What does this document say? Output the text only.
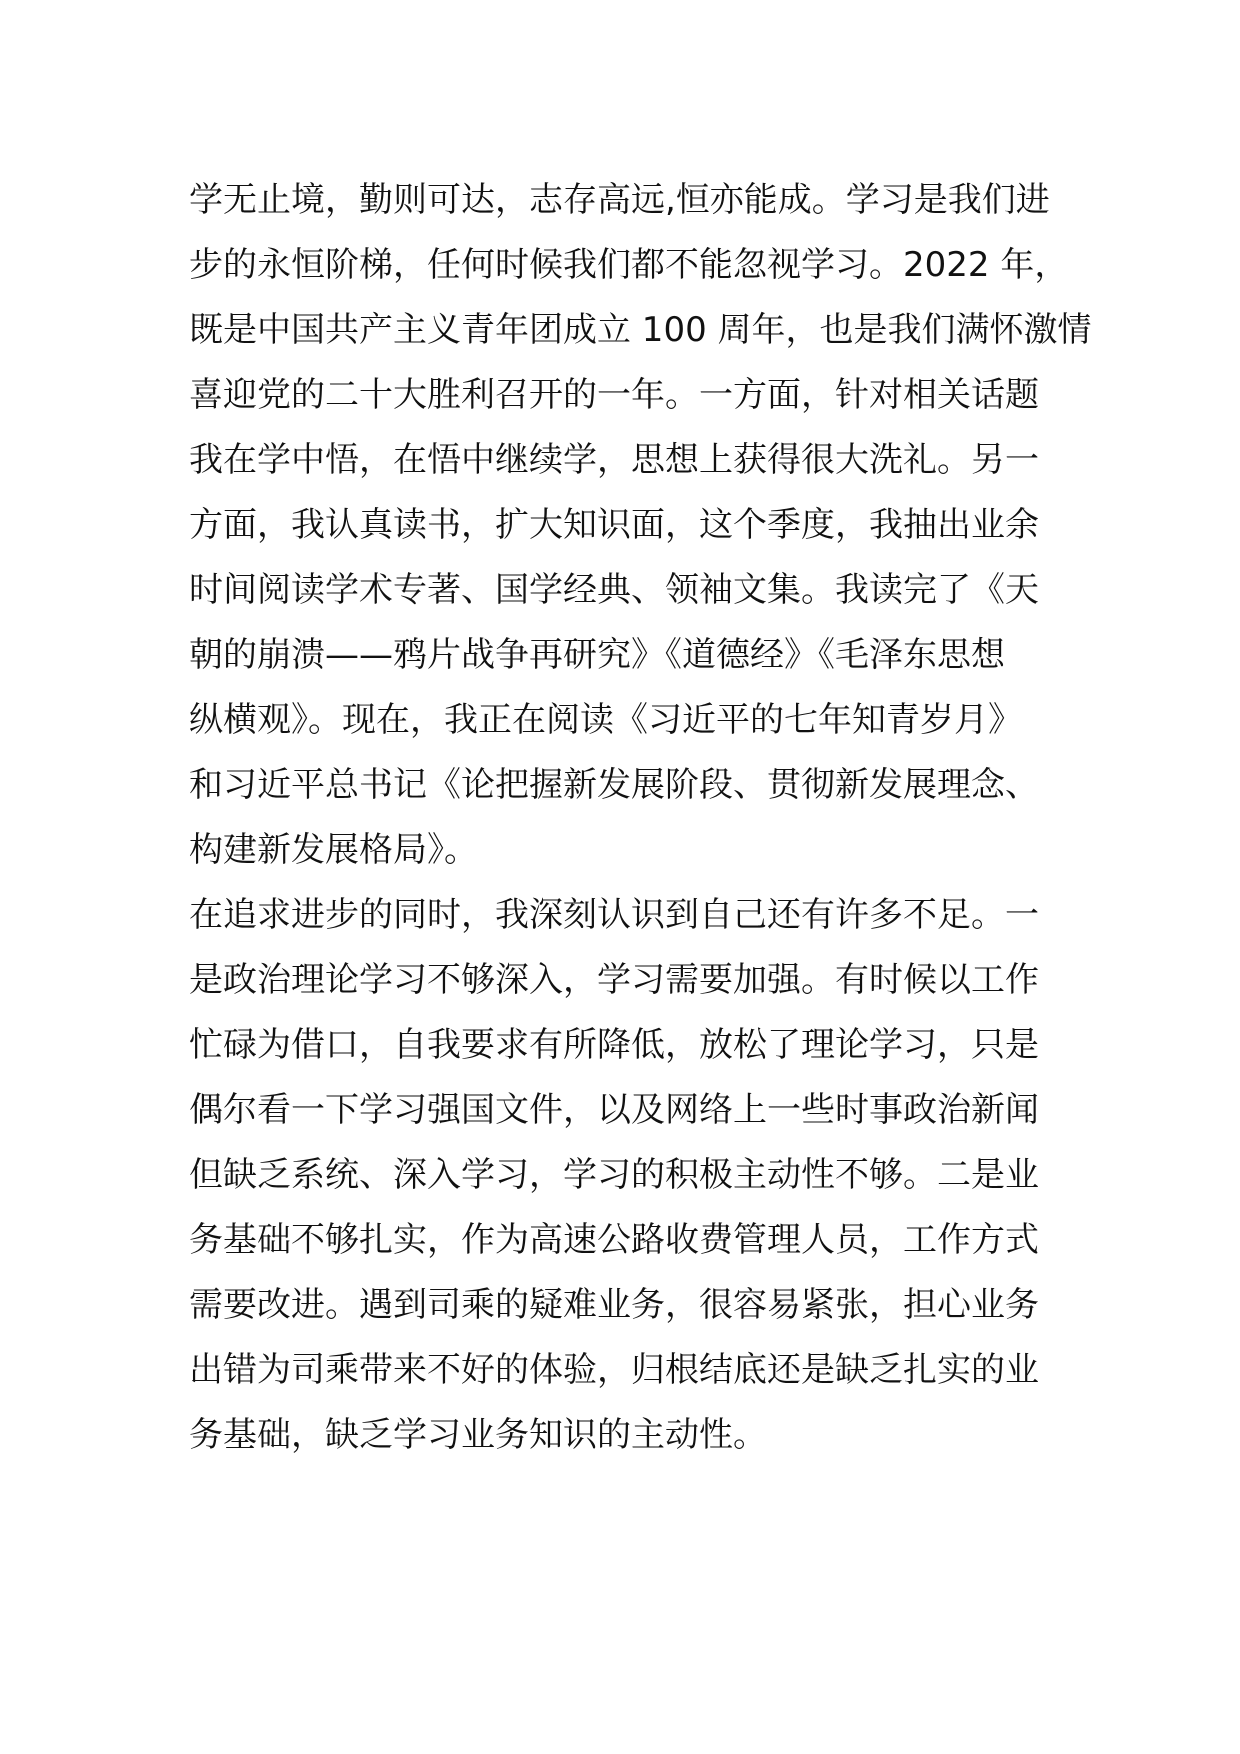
学无止境，勤则可达，志存高远,恒亦能成。学习是我们进
步的永恒阶梯，任何时候我们都不能忽视学习。2022 年，
既是中国共产主义青年团成立 100 周年，也是我们满怀激情
喜迎党的二十大胜利召开的一年。一方面，针对相关话题
我在学中悟，在悟中继续学，思想上获得很大洗礼。另一
方面，我认真读书，扩大知识面，这个季度，我抽出业余
时间阅读学术专著、国学经典、领袖文集。我读完了《天
朝的崩溃——鸦片战争再研究》《道德经》《毛泽东思想
纵横观》。现在，我正在阅读《习近平的七年知青岁月》
和习近平总书记《论把握新发展阶段、贯彻新发展理念、
构建新发展格局》。
在追求进步的同时，我深刻认识到自己还有许多不足。一
是政治理论学习不够深入，学习需要加强。有时候以工作
忙碌为借口，自我要求有所降低，放松了理论学习，只是
偶尔看一下学习强国文件，以及网络上一些时事政治新闻
但缺乏系统、深入学习，学习的积极主动性不够。二是业
务基础不够扎实，作为高速公路收费管理人员，工作方式
需要改进。遇到司乘的疑难业务，很容易紧张，担心业务
出错为司乘带来不好的体验，归根结底还是缺乏扎实的业
务基础，缺乏学习业务知识的主动性。
